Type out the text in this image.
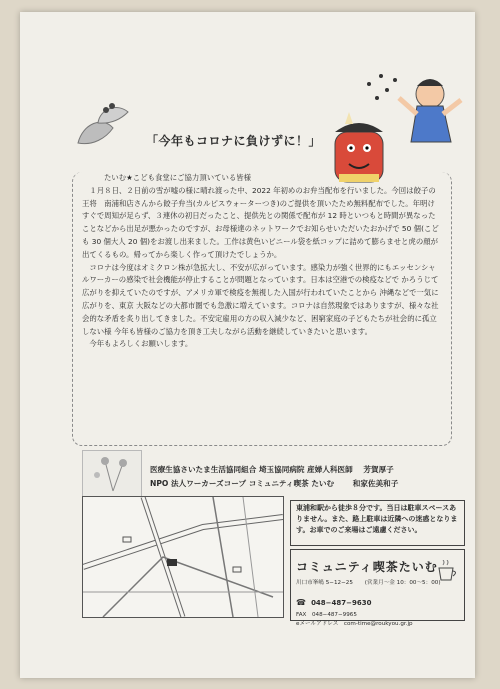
「今年もコロナに負けずに！」

たいむ★こども食堂にご協力頂いている皆様

１月８日、２日前の雪が嘘の様に晴れ渡った中、2022 年初めのお弁当配布を行いました。今回は餃子の王将　南浦和店さんから餃子弁当(カルピスウォーターつき)のご提供を頂いたため無料配布でした。年明けすぐで周知が足らず、３連休の初日だったこと、提供先との関係で配布が 12 時といつもと時間が異なったことなどから出足が悪かったのですが、お母様達のネットワークでお知らせいただいたおかげで 50 個(こども 30 個大人 20 個)をお渡し出来ました。工作は黄色いビニール袋を紙コップに詰めて膨らませと虎の顔が出てくるもの。帰ってから楽しく作って頂けたでしょうか。

コロナは今度はオミクロン株が急拡大し、不安が広がっています。感染力が強く世界的にもエッセンシャルワーカーの感染で社会機能が停止することが問題となっています。日本は空港での検疫などで かろうじて広がりを抑えていたのですが、アメリカ軍で検疫を無視した入国が行われていたことから 沖縄などで一気に広がりを、東京 大阪などの大都市圏でも急激に増えています。コロナは自然現象ではありますが、様々な社会的な矛盾を炙り出してきました。不安定雇用の方の収入減少など、困窮家庭の子どもたちが社会的に孤立しない様 今年も皆様のご協力を頂き工夫しながら活動を継続していきたいと思います。

今年もよろしくお願いします。

医療生協さいたま生活協同組合 埼玉協同病院 産婦人科医師 芳賀厚子
NPO 法人ワーカーズコープ コミュニティ喫茶 たいむ 和家佐美和子
東浦和駅から徒歩８分です。当日は駐車スペースありません。また、路上駐車は近隣への迷惑となります。お車でのご来場はご遠慮ください。
コミュニティ喫茶たいむ
川口市峯嶋 5−12−25 (営業月〜金 10：00〜5：00)
☎ 048−487−9630
FAX　048−487−9965
eメールアドレス　com-time@roukyou.gr.jp
